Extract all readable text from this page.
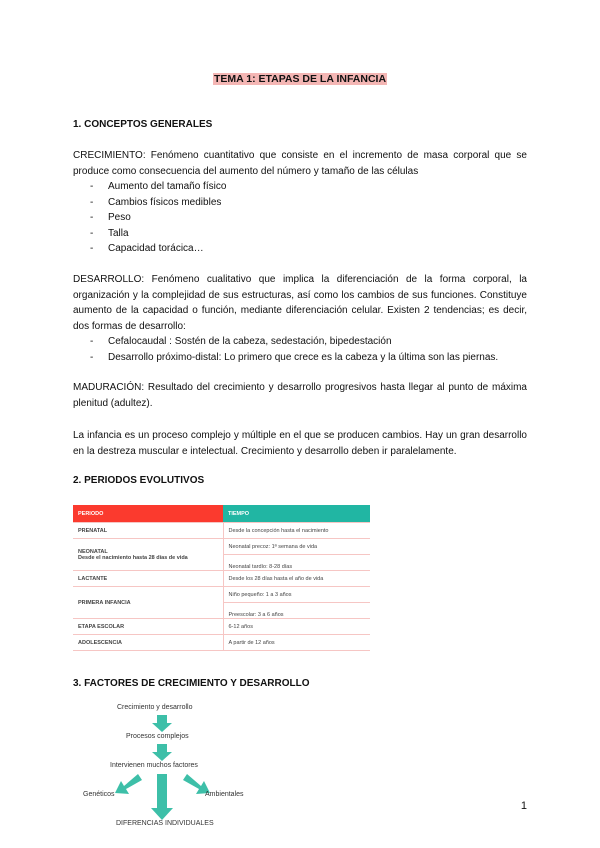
TEMA 1: ETAPAS DE LA INFANCIA
1. CONCEPTOS GENERALES

CRECIMIENTO: Fenómeno cuantitativo que consiste en el incremento de masa corporal que se produce como consecuencia del aumento del número y tamaño de las células

- Aumento del tamaño físico
- Cambios físicos medibles
- Peso
- Talla
- Capacidad torácica…

DESARROLLO: Fenómeno cualitativo que implica la diferenciación de la forma corporal, la organización y la complejidad de sus estructuras, así como los cambios de sus funciones. Constituye aumento de la capacidad o función, mediante diferenciación celular. Existen 2 tendencias; es decir, dos formas de desarrollo:

- Cefalocaudal : Sostén de la cabeza, sedestación, bipedestación
- Desarrollo próximo-distal: Lo primero que crece es la cabeza y la última son las piernas.

MADURACIÓN: Resultado del crecimiento y desarrollo progresivos hasta llegar al punto de máxima plenitud (adultez).

La infancia es un proceso complejo y múltiple en el que se producen cambios. Hay un gran desarrollo en la destreza muscular e intelectual. Crecimiento y desarrollo deben ir paralelamente.

2. PERIODOS EVOLUTIVOS
PERIODO	TIEMPO
PRENATAL	Desde la concepción hasta el nacimiento
NEONATAL
Desde el nacimiento hasta 28 días de vida	Neonatal precoz: 1ª semana de vida
	Neonatal tardío: 8-28 días
LACTANTE	Desde los 28 días hasta el año de vida
PRIMERA INFANCIA	Niño pequeño: 1 a 3 años
	Preescolar: 3 a 6 años
ETAPA ESCOLAR	6-12 años
ADOLESCENCIA	A partir de 12 años
3. FACTORES DE CRECIMIENTO Y DESARROLLO
Crecimiento y desarrollo
Procesos complejos
Intervienen muchos factores
Genéticos	Ambientales
DIFERENCIAS INDIVIDUALES
1
